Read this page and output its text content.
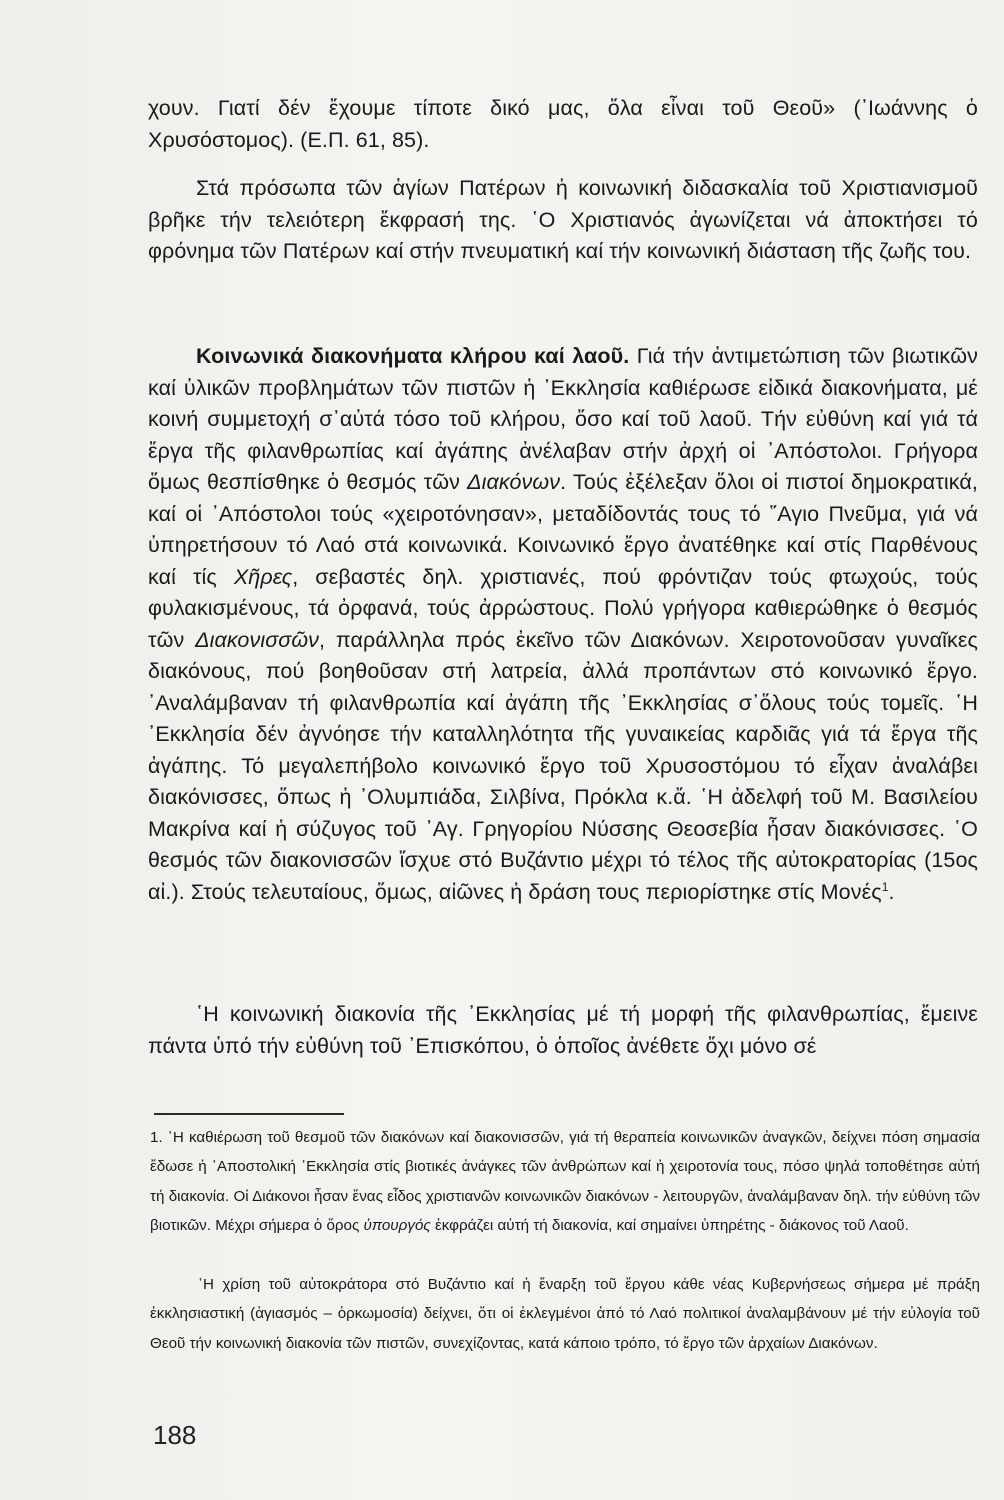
χουν. Γιατί δέν ἔχουμε τίποτε δικό μας, ὅλα εἶναι τοῦ Θεοῦ» (᾽Ιωάννης ὁ Χρυσόστομος). (Ε.Π. 61, 85).

Στά πρόσωπα τῶν ἁγίων Πατέρων ἡ κοινωνική διδασκαλία τοῦ Χριστιανισμοῦ βρῆκε τήν τελειότερη ἔκφρασή της. ῾Ο Χριστιανός ἀγωνίζεται νά ἀποκτήσει τό φρόνημα τῶν Πατέρων καί στήν πνευματική καί τήν κοινωνική διάσταση τῆς ζωῆς του.

Κοινωνικά διακονήματα κλήρου καί λαοῦ. Γιά τήν ἀντιμετώπιση τῶν βιωτικῶν καί ὑλικῶν προβλημάτων τῶν πιστῶν ἡ ᾽Εκκλησία καθιέρωσε εἰδικά διακονήματα, μέ κοινή συμμετοχή σ᾽αὐτά τόσο τοῦ κλήρου, ὅσο καί τοῦ λαοῦ. Τήν εὐθύνη καί γιά τά ἔργα τῆς φιλανθρωπίας καί ἀγάπης ἀνέλαβαν στήν ἀρχή οἱ ᾽Απόστολοι. Γρήγορα ὅμως θεσπίσθηκε ὁ θεσμός τῶν Διακόνων. Τούς ἐξέλεξαν ὅλοι οἱ πιστοί δημοκρατικά, καί οἱ ᾽Απόστολοι τούς «χειροτόνησαν», μεταδίδοντάς τους τό ῞Αγιο Πνεῦμα, γιά νά ὑπηρετήσουν τό Λαό στά κοινωνικά. Κοινωνικό ἔργο ἀνατέθηκε καί στίς Παρθένους καί τίς Χῆρες, σεβαστές δηλ. χριστιανές, πού φρόντιζαν τούς φτωχούς, τούς φυλακισμένους, τά ὀρφανά, τούς ἀρρώστους. Πολύ γρήγορα καθιερώθηκε ὁ θεσμός τῶν Διακονισσῶν, παράλληλα πρός ἐκεῖνο τῶν Διακόνων. Χειροτονοῦσαν γυναῖκες διακόνους, πού βοηθοῦσαν στή λατρεία, ἀλλά προπάντων στό κοινωνικό ἔργο. ᾽Αναλάμβαναν τή φιλανθρωπία καί ἀγάπη τῆς ᾽Εκκλησίας σ᾽ὅλους τούς τομεῖς. ῾Η ᾽Εκκλησία δέν ἀγνόησε τήν καταλληλότητα τῆς γυναικείας καρδιᾶς γιά τά ἔργα τῆς ἀγάπης. Τό μεγαλεπήβολο κοινωνικό ἔργο τοῦ Χρυσοστόμου τό εἶχαν ἀναλάβει διακόνισσες, ὅπως ἡ ᾽Ολυμπιάδα, Σιλβίνα, Πρόκλα κ.ἄ. ῾Η ἀδελφή τοῦ Μ. Βασιλείου Μακρίνα καί ἡ σύζυγος τοῦ ᾽Αγ. Γρηγορίου Νύσσης Θεοσεβία ἦσαν διακόνισσες. ῾Ο θεσμός τῶν διακονισσῶν ἴσχυε στό Βυζάντιο μέχρι τό τέλος τῆς αὐτοκρατορίας (15ος αἰ.). Στούς τελευταίους, ὅμως, αἰῶνες ἡ δράση τους περιορίστηκε στίς Μονές$^1$.

῾Η κοινωνική διακονία τῆς ᾽Εκκλησίας μέ τή μορφή τῆς φιλανθρωπίας, ἔμεινε πάντα ὑπό τήν εὐθύνη τοῦ ᾽Επισκόπου, ὁ ὁποῖος ἀνέθετε ὄχι μόνο σέ

1. ῾Η καθιέρωση τοῦ θεσμοῦ τῶν διακόνων καί διακονισσῶν, γιά τή θεραπεία κοινωνικῶν ἀναγκῶν, δείχνει πόση σημασία ἔδωσε ἡ ᾽Αποστολική ᾽Εκκλησία στίς βιοτικές ἀνάγκες τῶν ἀνθρώπων καί ἡ χειροτονία τους, πόσο ψηλά τοποθέτησε αὐτή τή διακονία. Οἱ Διάκονοι ἦσαν ἕνας εἶδος χριστιανῶν κοινωνικῶν διακόνων - λειτουργῶν, ἀναλάμβαναν δηλ. τήν εὐθύνη τῶν βιοτικῶν. Μέχρι σήμερα ὁ ὅρος ὑπουργός ἐκφράζει αὐτή τή διακονία, καί σημαίνει ὑπηρέτης - διάκονος τοῦ Λαοῦ.

῾Η χρίση τοῦ αὐτοκράτορα στό Βυζάντιο καί ἡ ἔναρξη τοῦ ἔργου κάθε νέας Κυβερνήσεως σήμερα μέ πράξη ἐκκλησιαστική (ἁγιασμός – ὁρκωμοσία) δείχνει, ὅτι οἱ ἐκλεγμένοι ἀπό τό Λαό πολιτικοί ἀναλαμβάνουν μέ τήν εὐλογία τοῦ Θεοῦ τήν κοινωνική διακονία τῶν πιστῶν, συνεχίζοντας, κατά κάποιο τρόπο, τό ἔργο τῶν ἀρχαίων Διακόνων.

188
